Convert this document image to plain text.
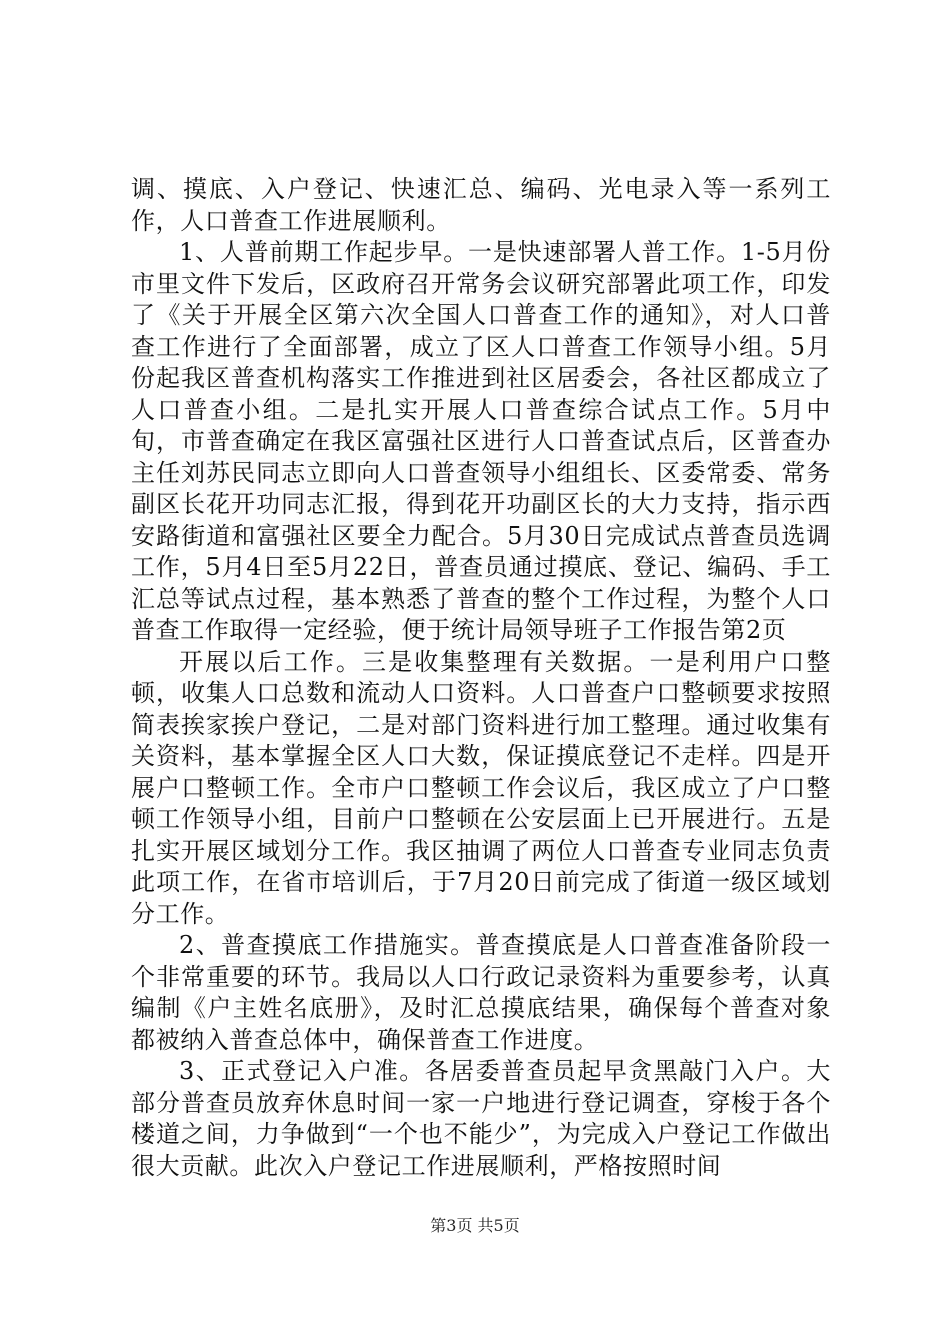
调、摸底、入户登记、快速汇总、编码、光电录入等一系列工作，人口普查工作进展顺利。

1、人普前期工作起步早。一是快速部署人普工作。1-5月份市里文件下发后，区政府召开常务会议研究部署此项工作，印发了《关于开展全区第六次全国人口普查工作的通知》，对人口普查工作进行了全面部署，成立了区人口普查工作领导小组。5月份起我区普查机构落实工作推进到社区居委会，各社区都成立了人口普查小组。二是扎实开展人口普查综合试点工作。5月中旬，市普查确定在我区富强社区进行人口普查试点后，区普查办主任刘苏民同志立即向人口普查领导小组组长、区委常委、常务副区长花开功同志汇报，得到花开功副区长的大力支持，指示西安路街道和富强社区要全力配合。5月30日完成试点普查员选调工作，5月4日至5月22日，普查员通过摸底、登记、编码、手工汇总等试点过程，基本熟悉了普查的整个工作过程，为整个人口普查工作取得一定经验，便于统计局领导班子工作报告第2页

开展以后工作。三是收集整理有关数据。一是利用户口整顿，收集人口总数和流动人口资料。人口普查户口整顿要求按照简表挨家挨户登记，二是对部门资料进行加工整理。通过收集有关资料，基本掌握全区人口大数，保证摸底登记不走样。四是开展户口整顿工作。全市户口整顿工作会议后，我区成立了户口整顿工作领导小组，目前户口整顿在公安层面上已开展进行。五是扎实开展区域划分工作。我区抽调了两位人口普查专业同志负责此项工作，在省市培训后，于7月20日前完成了街道一级区域划分工作。

2、普查摸底工作措施实。普查摸底是人口普查准备阶段一个非常重要的环节。我局以人口行政记录资料为重要参考，认真编制《户主姓名底册》，及时汇总摸底结果，确保每个普查对象都被纳入普查总体中，确保普查工作进度。

3、正式登记入户准。各居委普查员起早贪黑敲门入户。大部分普查员放弃休息时间一家一户地进行登记调查，穿梭于各个楼道之间，力争做到“一个也不能少”，为完成入户登记工作做出很大贡献。此次入户登记工作进展顺利，严格按照时间

第3页 共5页
